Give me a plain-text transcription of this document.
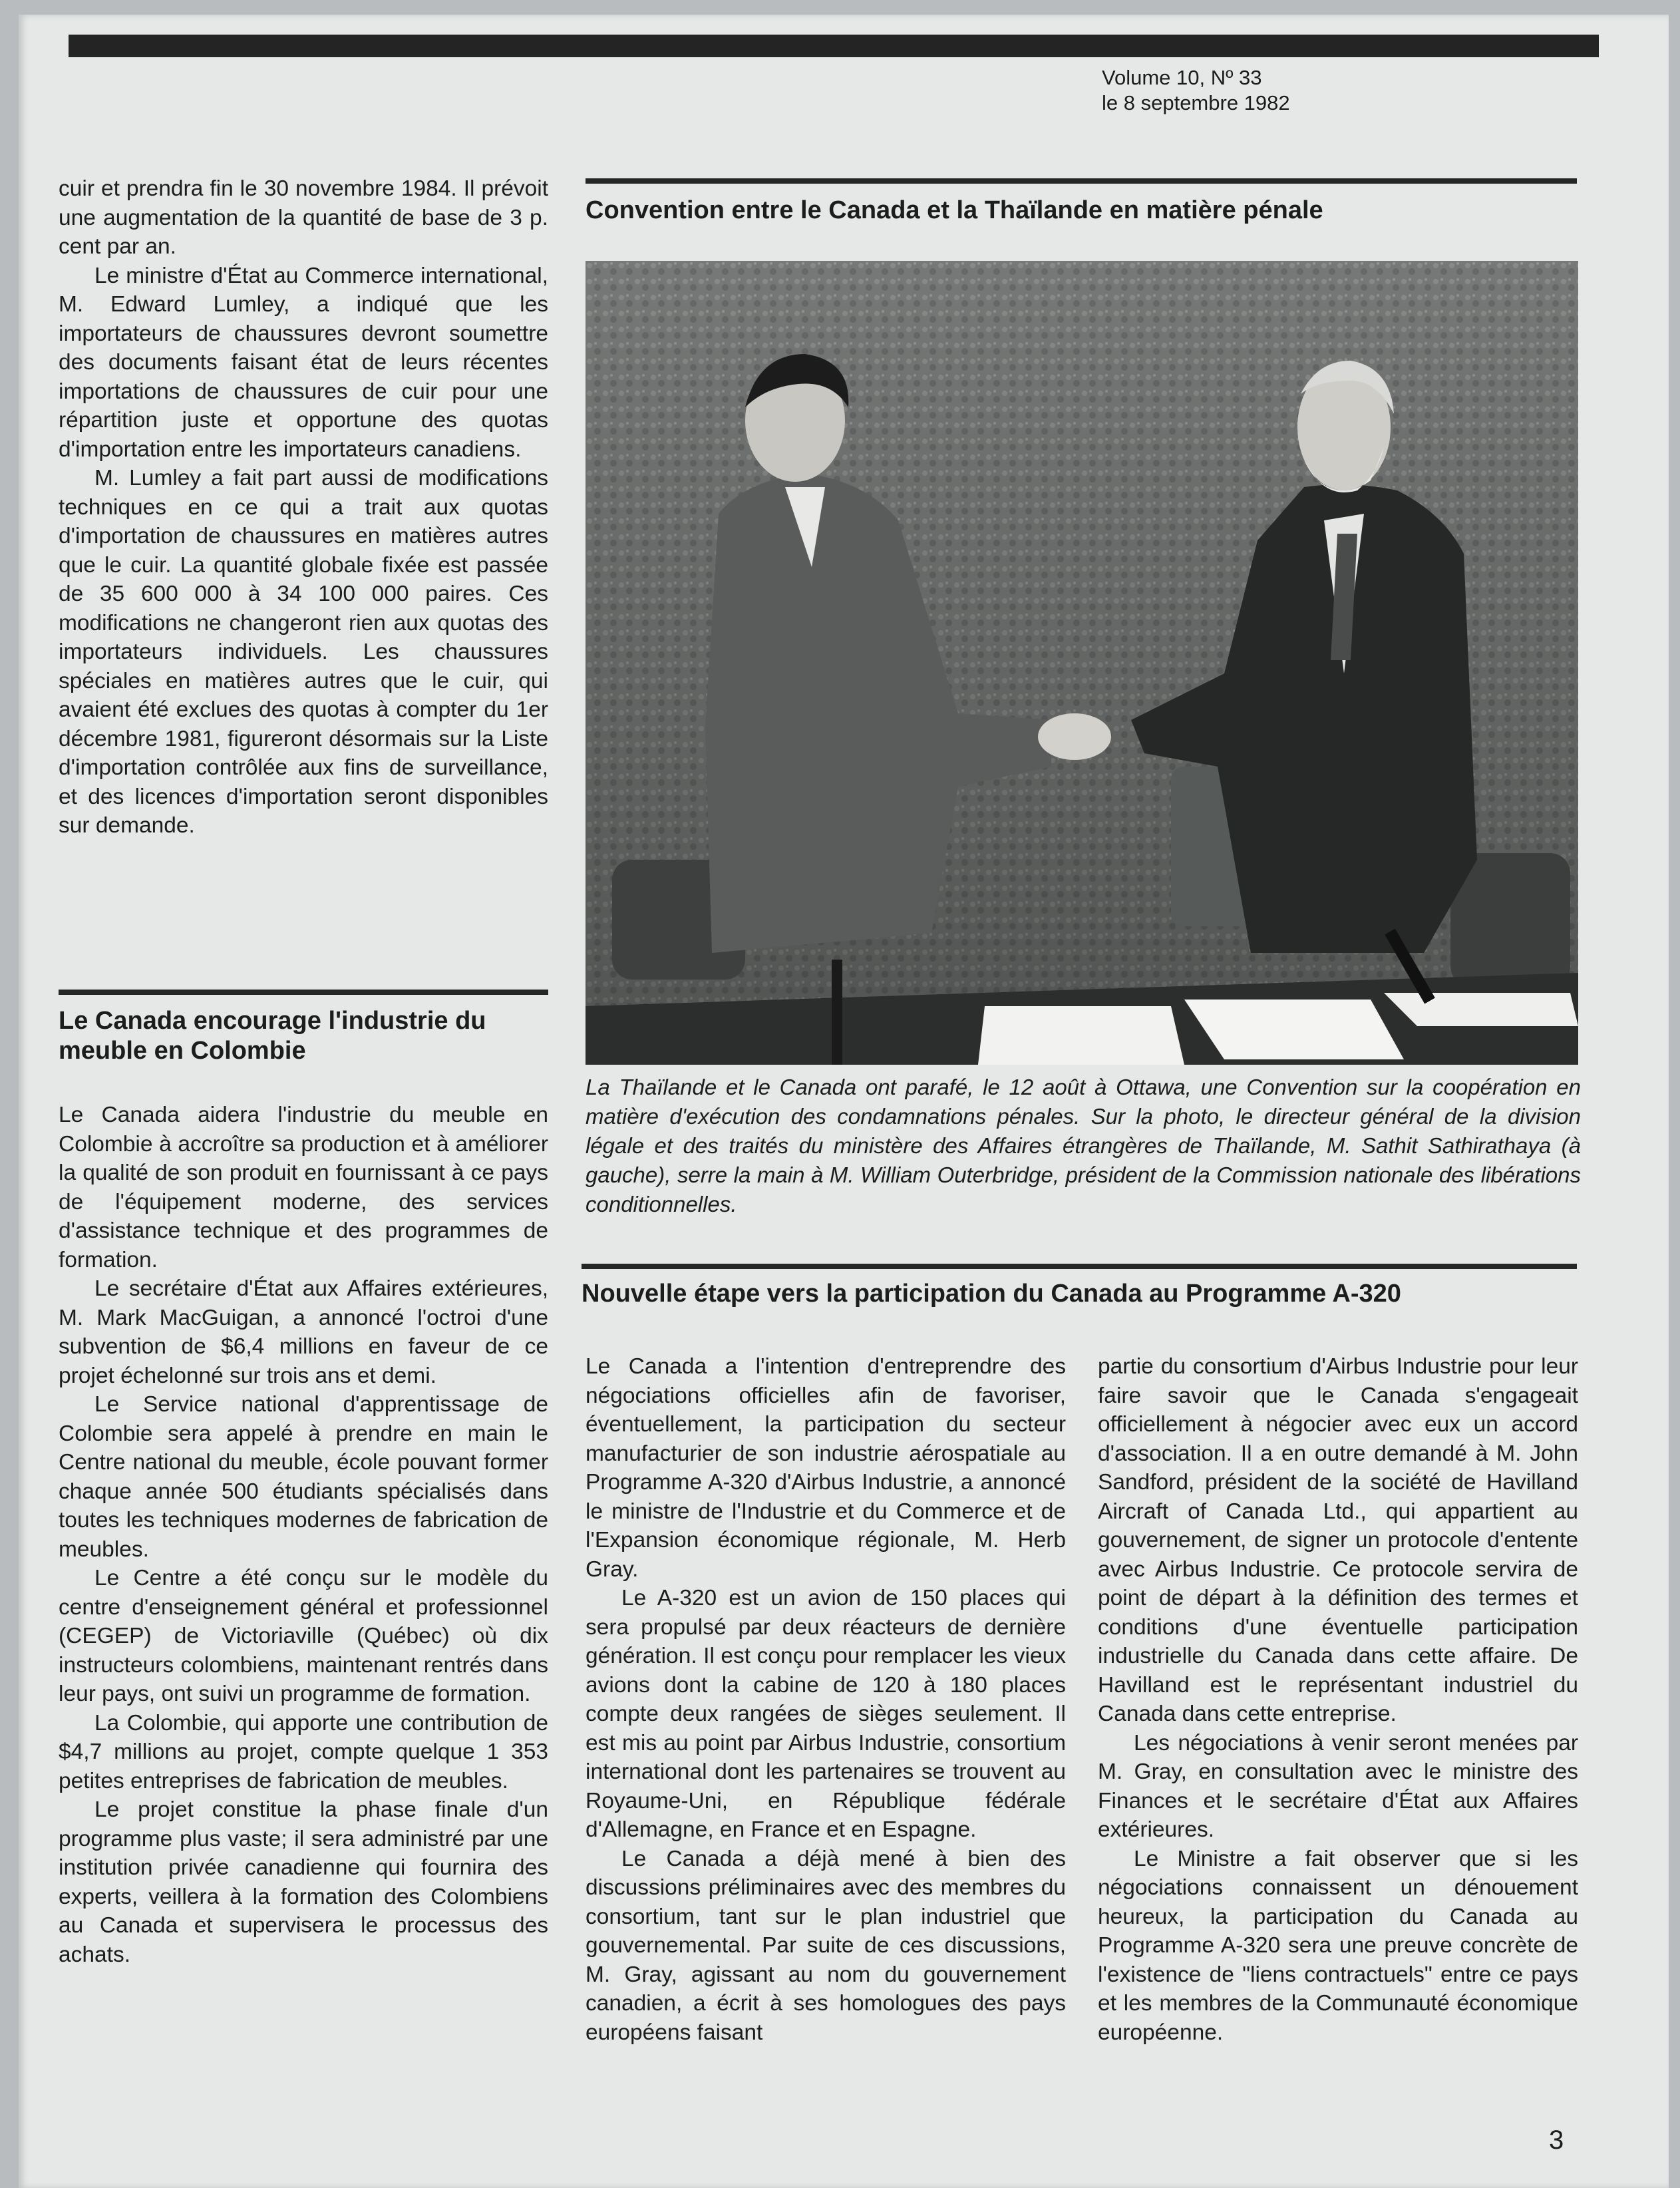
Volume 10, Nº 33
le 8 septembre 1982

cuir et prendra fin le 30 novembre 1984. Il prévoit une augmentation de la quantité de base de 3 p. cent par an.

Le ministre d'État au Commerce international, M. Edward Lumley, a indiqué que les importateurs de chaussures devront soumettre des documents faisant état de leurs récentes importations de chaussures de cuir pour une répartition juste et opportune des quotas d'importation entre les importateurs canadiens.

M. Lumley a fait part aussi de modifications techniques en ce qui a trait aux quotas d'importation de chaussures en matières autres que le cuir. La quantité globale fixée est passée de 35 600 000 à 34 100 000 paires. Ces modifications ne changeront rien aux quotas des importateurs individuels. Les chaussures spéciales en matières autres que le cuir, qui avaient été exclues des quotas à compter du 1er décembre 1981, figureront désormais sur la Liste d'importation contrôlée aux fins de surveillance, et des licences d'importation seront disponibles sur demande.

Le Canada encourage l'industrie du meuble en Colombie

Le Canada aidera l'industrie du meuble en Colombie à accroître sa production et à améliorer la qualité de son produit en fournissant à ce pays de l'équipement moderne, des services d'assistance technique et des programmes de formation.

Le secrétaire d'État aux Affaires extérieures, M. Mark MacGuigan, a annoncé l'octroi d'une subvention de $6,4 millions en faveur de ce projet échelonné sur trois ans et demi.

Le Service national d'apprentissage de Colombie sera appelé à prendre en main le Centre national du meuble, école pouvant former chaque année 500 étudiants spécialisés dans toutes les techniques modernes de fabrication de meubles.

Le Centre a été conçu sur le modèle du centre d'enseignement général et professionnel (CEGEP) de Victoriaville (Québec) où dix instructeurs colombiens, maintenant rentrés dans leur pays, ont suivi un programme de formation.

La Colombie, qui apporte une contribution de $4,7 millions au projet, compte quelque 1 353 petites entreprises de fabrication de meubles.

Le projet constitue la phase finale d'un programme plus vaste; il sera administré par une institution privée canadienne qui fournira des experts, veillera à la formation des Colombiens au Canada et supervisera le processus des achats.

Convention entre le Canada et la Thaïlande en matière pénale
La Thaïlande et le Canada ont parafé, le 12 août à Ottawa, une Convention sur la coopération en matière d'exécution des condamnations pénales. Sur la photo, le directeur général de la division légale et des traités du ministère des Affaires étrangères de Thaïlande, M. Sathit Sathirathaya (à gauche), serre la main à M. William Outerbridge, président de la Commission nationale des libérations conditionnelles.
Nouvelle étape vers la participation du Canada au Programme A-320

Le Canada a l'intention d'entreprendre des négociations officielles afin de favoriser, éventuellement, la participation du secteur manufacturier de son industrie aérospatiale au Programme A-320 d'Airbus Industrie, a annoncé le ministre de l'Industrie et du Commerce et de l'Expansion économique régionale, M. Herb Gray.

Le A-320 est un avion de 150 places qui sera propulsé par deux réacteurs de dernière génération. Il est conçu pour remplacer les vieux avions dont la cabine de 120 à 180 places compte deux rangées de sièges seulement. Il est mis au point par Airbus Industrie, consortium international dont les partenaires se trouvent au Royaume-Uni, en République fédérale d'Allemagne, en France et en Espagne.

Le Canada a déjà mené à bien des discussions préliminaires avec des membres du consortium, tant sur le plan industriel que gouvernemental. Par suite de ces discussions, M. Gray, agissant au nom du gouvernement canadien, a écrit à ses homologues des pays européens faisant

partie du consortium d'Airbus Industrie pour leur faire savoir que le Canada s'engageait officiellement à négocier avec eux un accord d'association. Il a en outre demandé à M. John Sandford, président de la société de Havilland Aircraft of Canada Ltd., qui appartient au gouvernement, de signer un protocole d'entente avec Airbus Industrie. Ce protocole servira de point de départ à la définition des termes et conditions d'une éventuelle participation industrielle du Canada dans cette affaire. De Havilland est le représentant industriel du Canada dans cette entreprise.

Les négociations à venir seront menées par M. Gray, en consultation avec le ministre des Finances et le secrétaire d'État aux Affaires extérieures.

Le Ministre a fait observer que si les négociations connaissent un dénouement heureux, la participation du Canada au Programme A-320 sera une preuve concrète de l'existence de "liens contractuels" entre ce pays et les membres de la Communauté économique européenne.

3
